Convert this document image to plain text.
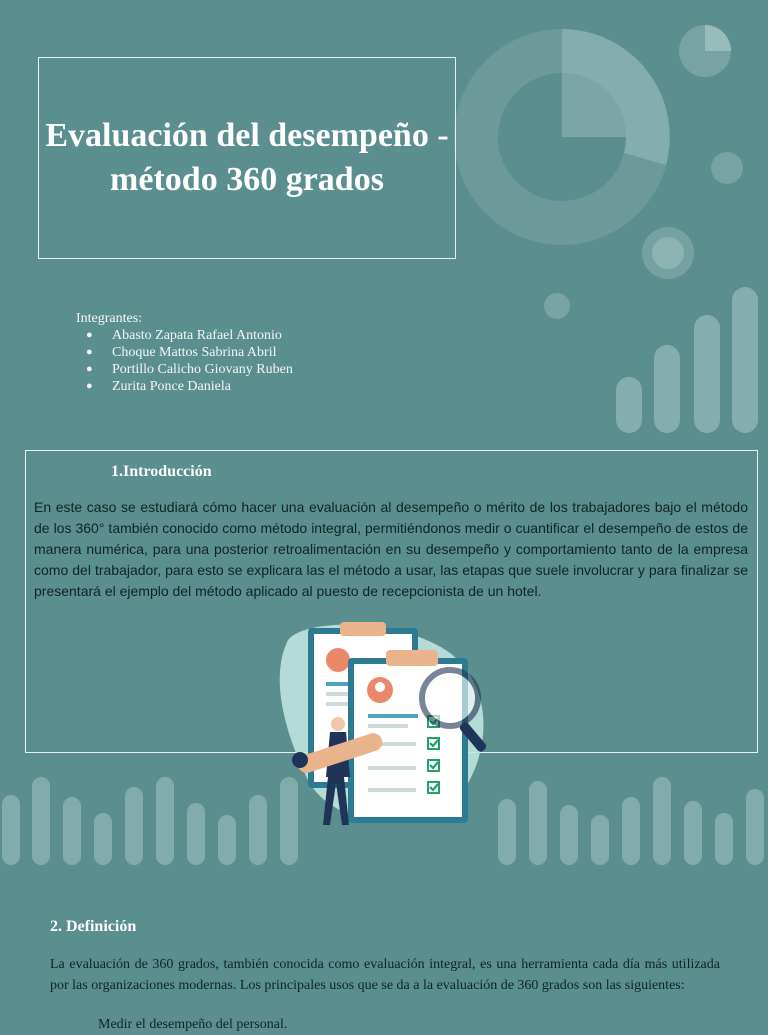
Evaluación del desempeño - método 360 grados
Integrantes:
● Abasto Zapata Rafael Antonio
● Choque Mattos Sabrina Abril
● Portillo Calicho Giovany Ruben
● Zurita Ponce Daniela
1.Introducción

En este caso se estudiará cómo hacer una evaluación al desempeño o mérito de los trabajadores bajo el método de los 360° también conocido como método integral, permitiéndonos medir o cuantificar el desempeño de estos de manera numérica, para una posterior retroalimentación en su desempeño y comportamiento tanto de la empresa como del trabajador, para esto se explicara las el método a usar, las etapas que suele involucrar y para finalizar se presentará el ejemplo del método aplicado al puesto de recepcionista de un hotel.

2. Definición

La evaluación de 360 grados, también conocida como evaluación integral, es una herramienta cada día más utilizada por las organizaciones modernas. Los principales usos que se da a la evaluación de 360 grados son las siguientes:

Medir el desempeño del personal.
